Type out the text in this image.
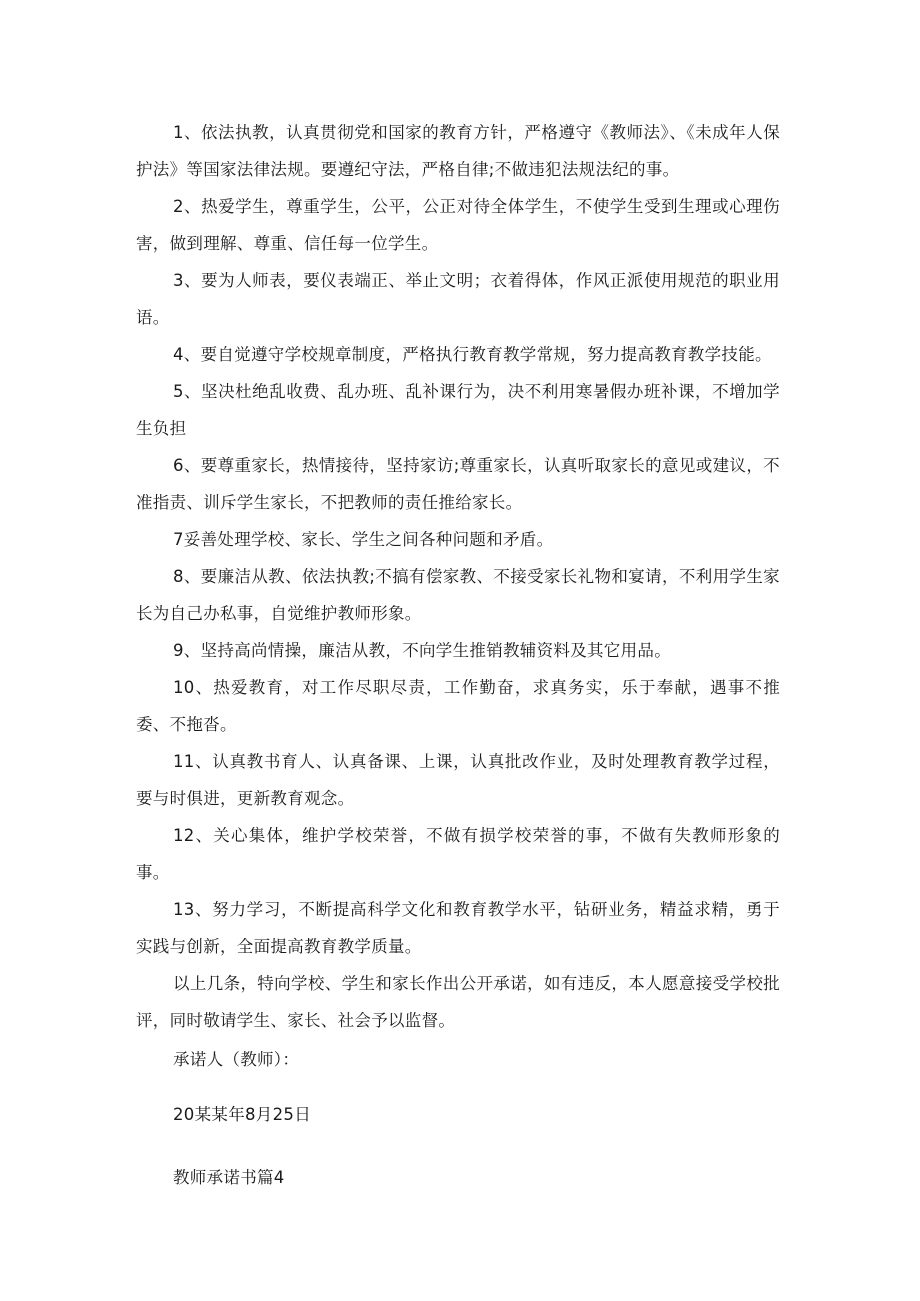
1、依法执教，认真贯彻党和国家的教育方针，严格遵守《教师法》、《未成年人保护法》等国家法律法规。要遵纪守法，严格自律;不做违犯法规法纪的事。

2、热爱学生，尊重学生，公平，公正对待全体学生，不使学生受到生理或心理伤害，做到理解、尊重、信任每一位学生。

3、要为人师表，要仪表端正、举止文明；衣着得体，作风正派使用规范的职业用语。

4、要自觉遵守学校规章制度，严格执行教育教学常规，努力提高教育教学技能。

5、坚决杜绝乱收费、乱办班、乱补课行为，决不利用寒暑假办班补课，不增加学生负担

6、要尊重家长，热情接待，坚持家访;尊重家长，认真听取家长的意见或建议，不准指责、训斥学生家长，不把教师的责任推给家长。

7妥善处理学校、家长、学生之间各种问题和矛盾。

8、要廉洁从教、依法执教;不搞有偿家教、不接受家长礼物和宴请，不利用学生家长为自己办私事，自觉维护教师形象。

9、坚持高尚情操，廉洁从教，不向学生推销教辅资料及其它用品。

10、热爱教育，对工作尽职尽责，工作勤奋，求真务实，乐于奉献，遇事不推委、不拖沓。

11、认真教书育人、认真备课、上课，认真批改作业，及时处理教育教学过程，要与时俱进，更新教育观念。

12、关心集体，维护学校荣誉，不做有损学校荣誉的事，不做有失教师形象的事。

13、努力学习，不断提高科学文化和教育教学水平，钻研业务，精益求精，勇于实践与创新，全面提高教育教学质量。

以上几条，特向学校、学生和家长作出公开承诺，如有违反，本人愿意接受学校批评，同时敬请学生、家长、社会予以监督。

承诺人（教师）：

20某某年8月25日

教师承诺书篇4
